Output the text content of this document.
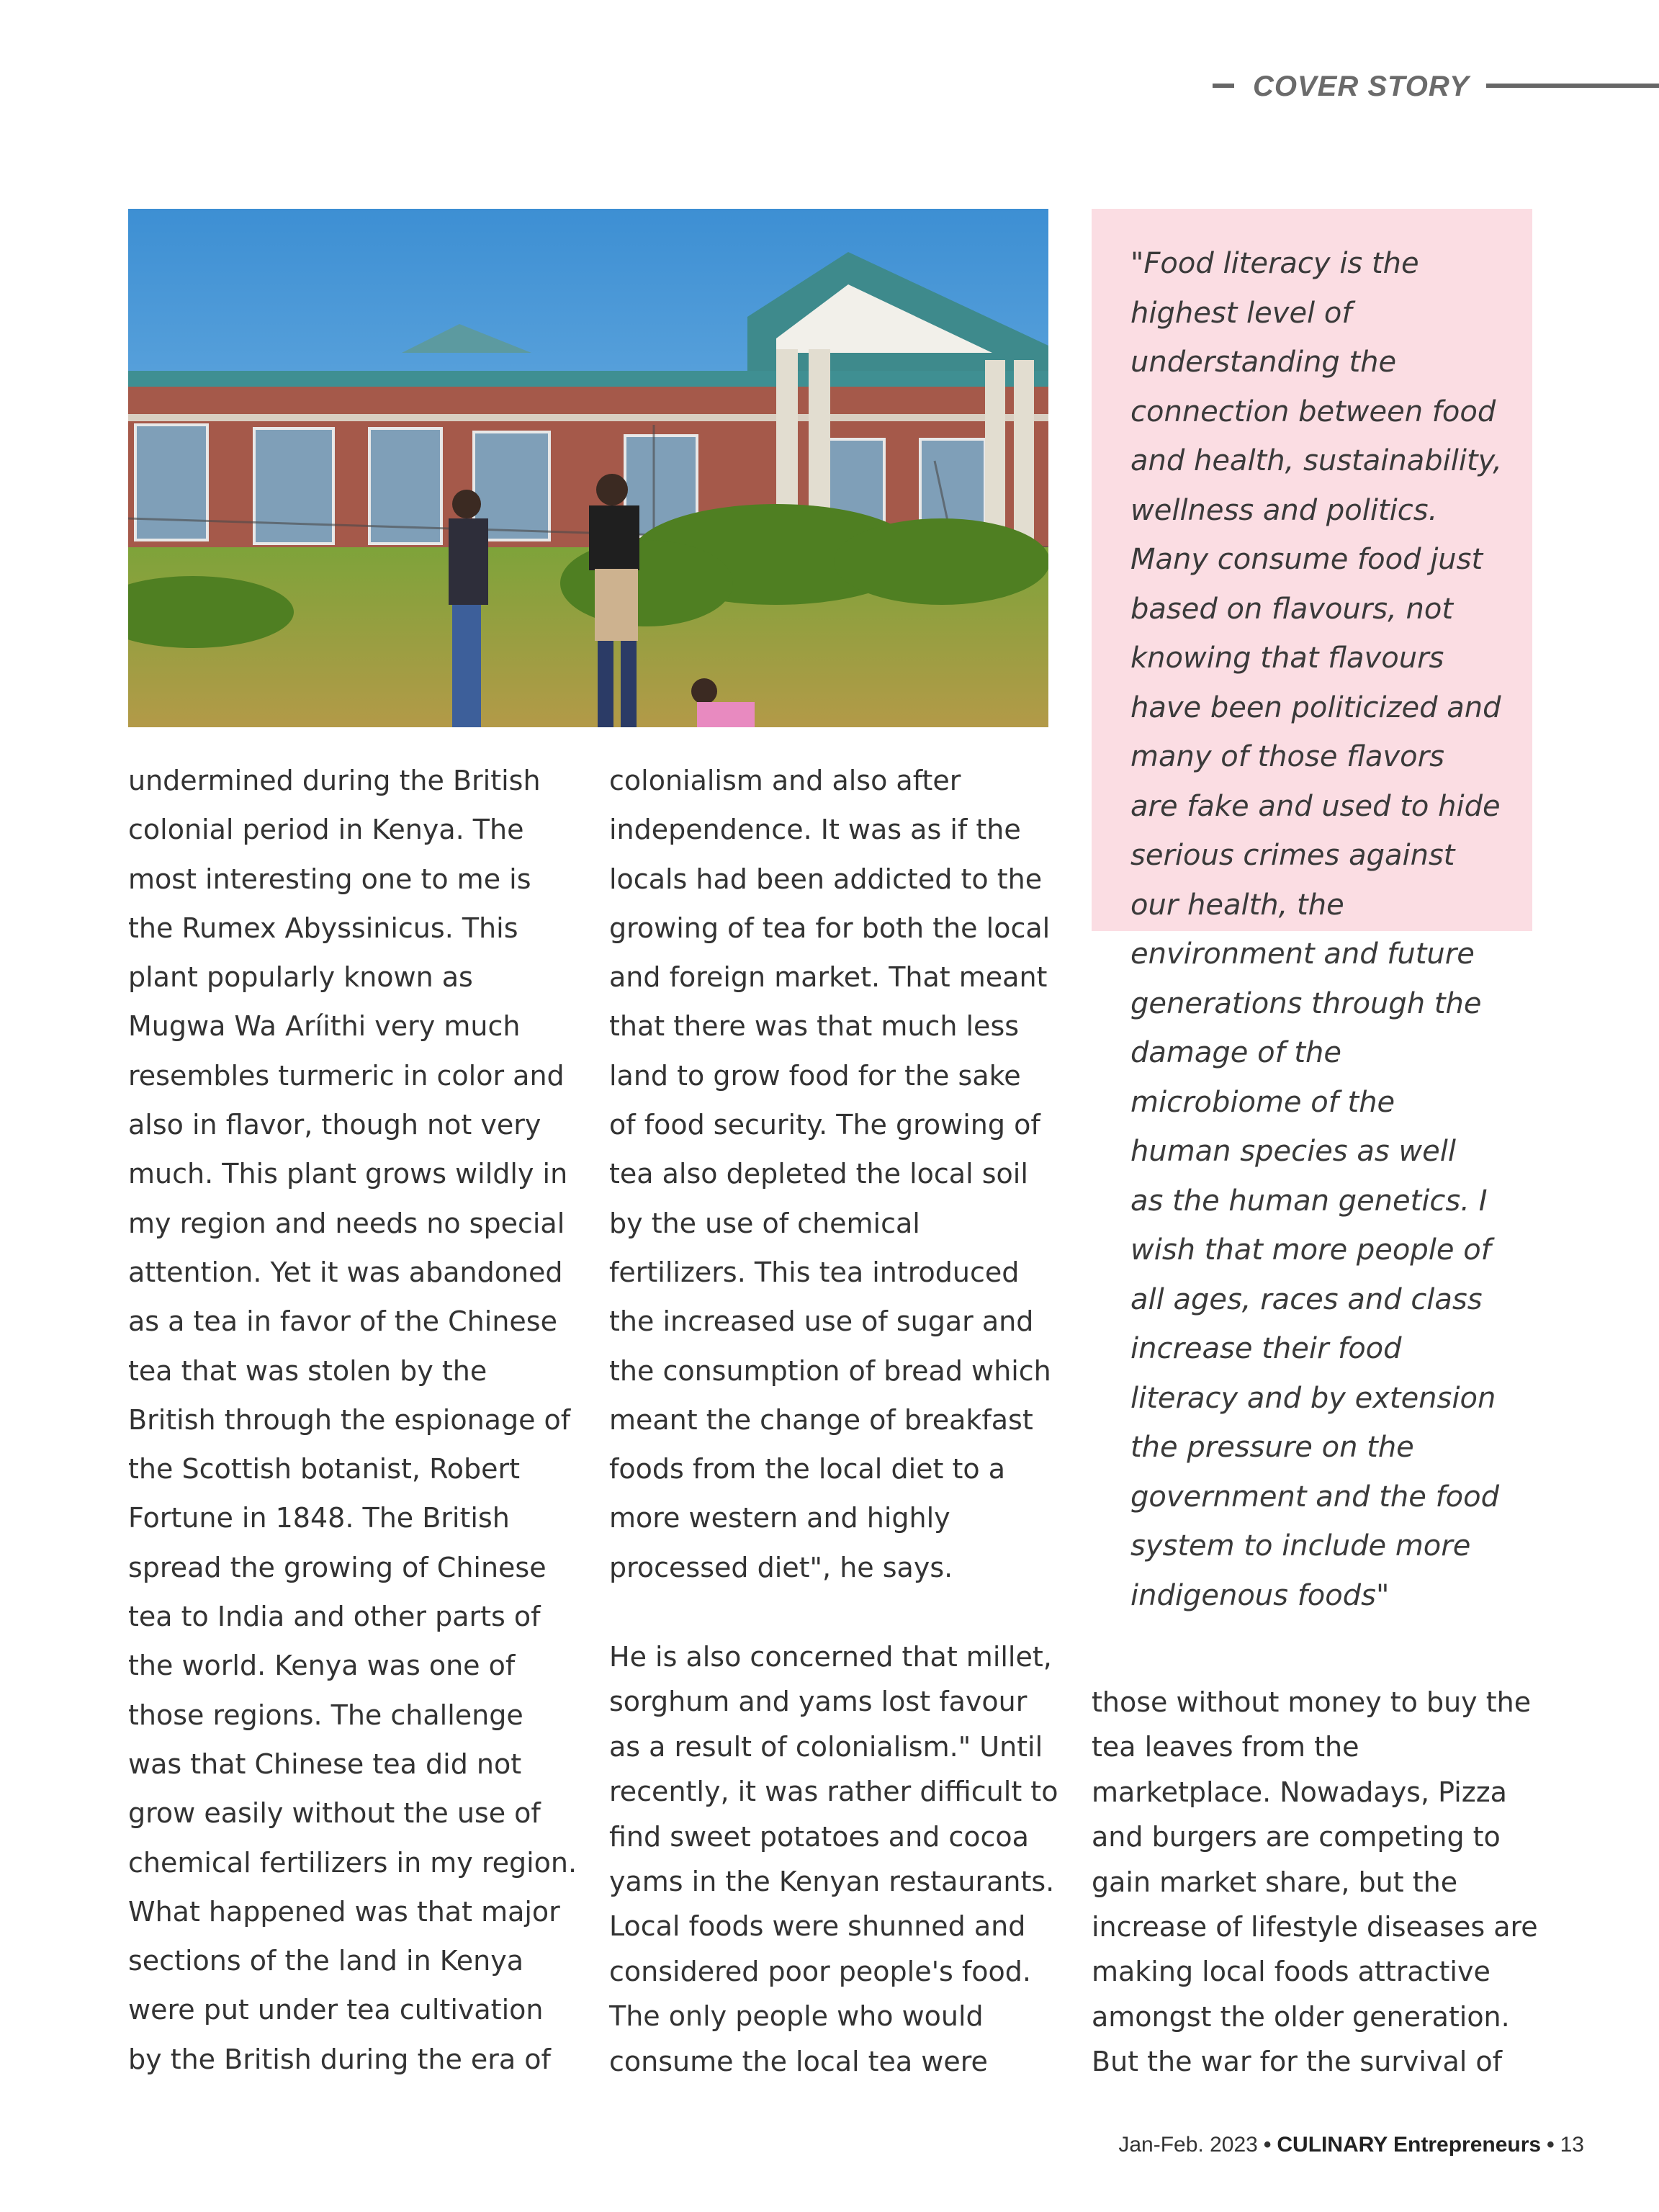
COVER STORY
"Food literacy is the
highest level of
understanding the
connection between food
and health, sustainability,
wellness and politics.
Many consume food just
based on flavours, not
knowing that flavours
have been politicized and
many of those flavors
are fake and used to hide
serious crimes against
our health, the
environment and future
generations through the
damage of the
microbiome of the
human species as well
as the human genetics. I
wish that more people of
all ages, races and class
increase their food
literacy and by extension
the pressure on the
government and the food
system to include more
indigenous foods"
undermined during the British
colonial period in Kenya. The
most interesting one to me is
the Rumex Abyssinicus. This
plant popularly known as
Mugwa Wa Aríithi very much
resembles turmeric in color and
also in flavor, though not very
much. This plant grows wildly in
my region and needs no special
attention. Yet it was abandoned
as a tea in favor of the Chinese
tea that was stolen by the
British through the espionage of
the Scottish botanist, Robert
Fortune in 1848. The British
spread the growing of Chinese
tea to India and other parts of
the world. Kenya was one of
those regions. The challenge
was that Chinese tea did not
grow easily without the use of
chemical fertilizers in my region.
What happened was that major
sections of the land in Kenya
were put under tea cultivation
by the British during the era of
colonialism and also after
independence. It was as if the
locals had been addicted to the
growing of tea for both the local
and foreign market. That meant
that there was that much less
land to grow food for the sake
of food security. The growing of
tea also depleted the local soil
by the use of chemical
fertilizers. This tea introduced
the increased use of sugar and
the consumption of bread which
meant the change of breakfast
foods from the local diet to a
more western and highly
processed diet", he says.
He is also concerned that millet,
sorghum and yams lost favour
as a result of colonialism." Until
recently, it was rather difficult to
find sweet potatoes and cocoa
yams in the Kenyan restaurants.
Local foods were shunned and
considered poor people's food.
The only people who would
consume the local tea were
those without money to buy the
tea leaves from the
marketplace. Nowadays, Pizza
and burgers are competing to
gain market share, but the
increase of lifestyle diseases are
making local foods attractive
amongst the older generation.
But the war for the survival of
Jan-Feb. 2023 • CULINARY Entrepreneurs • 13
